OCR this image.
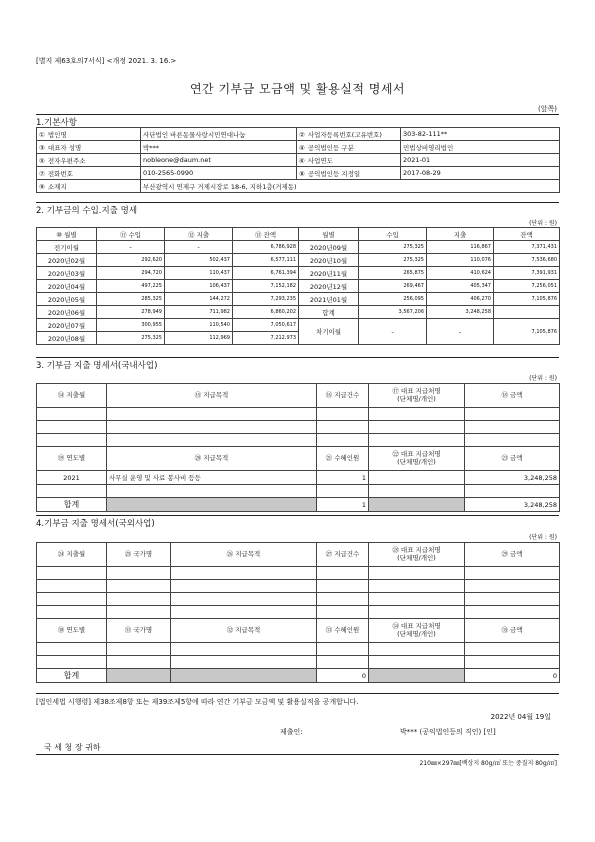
[별지 제63호의7서식] <개정 2021. 3. 16.>
연간 기부금 모금액 및 활용실적 명세서
(앞쪽)
1.기본사항
① 법인명	사단법인 바른동물사랑시민연대나눔	② 사업자등록번호(고유번호)	303-82-111**
③ 대표자 성명	박***	④ 공익법인등 구분	민법상비영리법인
⑤ 전자우편주소	nobleone@daum.net	⑥ 사업연도	2021-01
⑦ 전화번호	010-2565-0990	⑧ 공익법인등 지정일	2017-08-29
⑨ 소재지	부산광역시 연제구 거제시장로 18-6, 지하1층(거제동)		
2. 기부금의 수입.지출 명세
(단위 : 원)
⑩ 월별	⑪ 수입	⑫ 지출	⑬ 잔액	월별	수입	지출	잔액
전기이월	-	-	6,786,928	2020년09월	275,325	116,867	7,371,431
2020년02월	292,620	502,437	6,577,111	2020년10월	275,325	110,076	7,536,680
2020년03월	294,720	110,437	6,761,394	2020년11월	265,875	410,624	7,391,931
2020년04월	497,225	106,437	7,152,182	2020년12월	269,467	405,347	7,256,051
2020년05월	285,325	144,272	7,293,235	2021년01월	256,095	406,270	7,105,876
2020년06월	278,949	711,982	6,860,202	합계	3,567,206	3,248,258	
2020년07월	300,955	110,540	7,050,617	차기이월	-	-	7,105,876
2020년08월	275,325	112,969	7,212,973				
3. 기부금 지출 명세서(국내사업)
(단위 : 원)
⑭ 지출월	⑮ 지급목적	⑯ 지급건수	⑰ 대표 지급처명
(단체명/개인)	⑱ 금액

⑲ 연도별	⑳ 지급목적	㉑ 수혜인원	㉒ 대표 지급처명
(단체명/개인)	㉓ 금액
2021	사무실 운영 및 사료 봉사비 등등	1		3,248,258

합계		1		3,248,258
4.기부금 지출 명세서(국외사업)
(단위 : 원)
㉔ 지출월	㉕ 국가명	㉖ 지급목적	㉗ 지급건수	㉘ 대표 지급처명
(단체명/개인)	㉙ 금액

㉚ 연도별	㉛ 국가명	㉜ 지급목적	㉝ 수혜인원	㉞ 대표 지급처명
(단체명/개인)	㉟ 금액

합계			0		0
[법인세법 시행령] 제38조제8항 또는 제39조제5항에 따라 연간 기부금 모금액 및 활용실적을 공개합니다.
2022년 04월 19일
제출인:	박*** (공익법인등의 직인) [인]
국 세 청 장 귀하
210㎜×297㎜[백상지 80g/㎡ 또는 중질지 80g/㎡]
